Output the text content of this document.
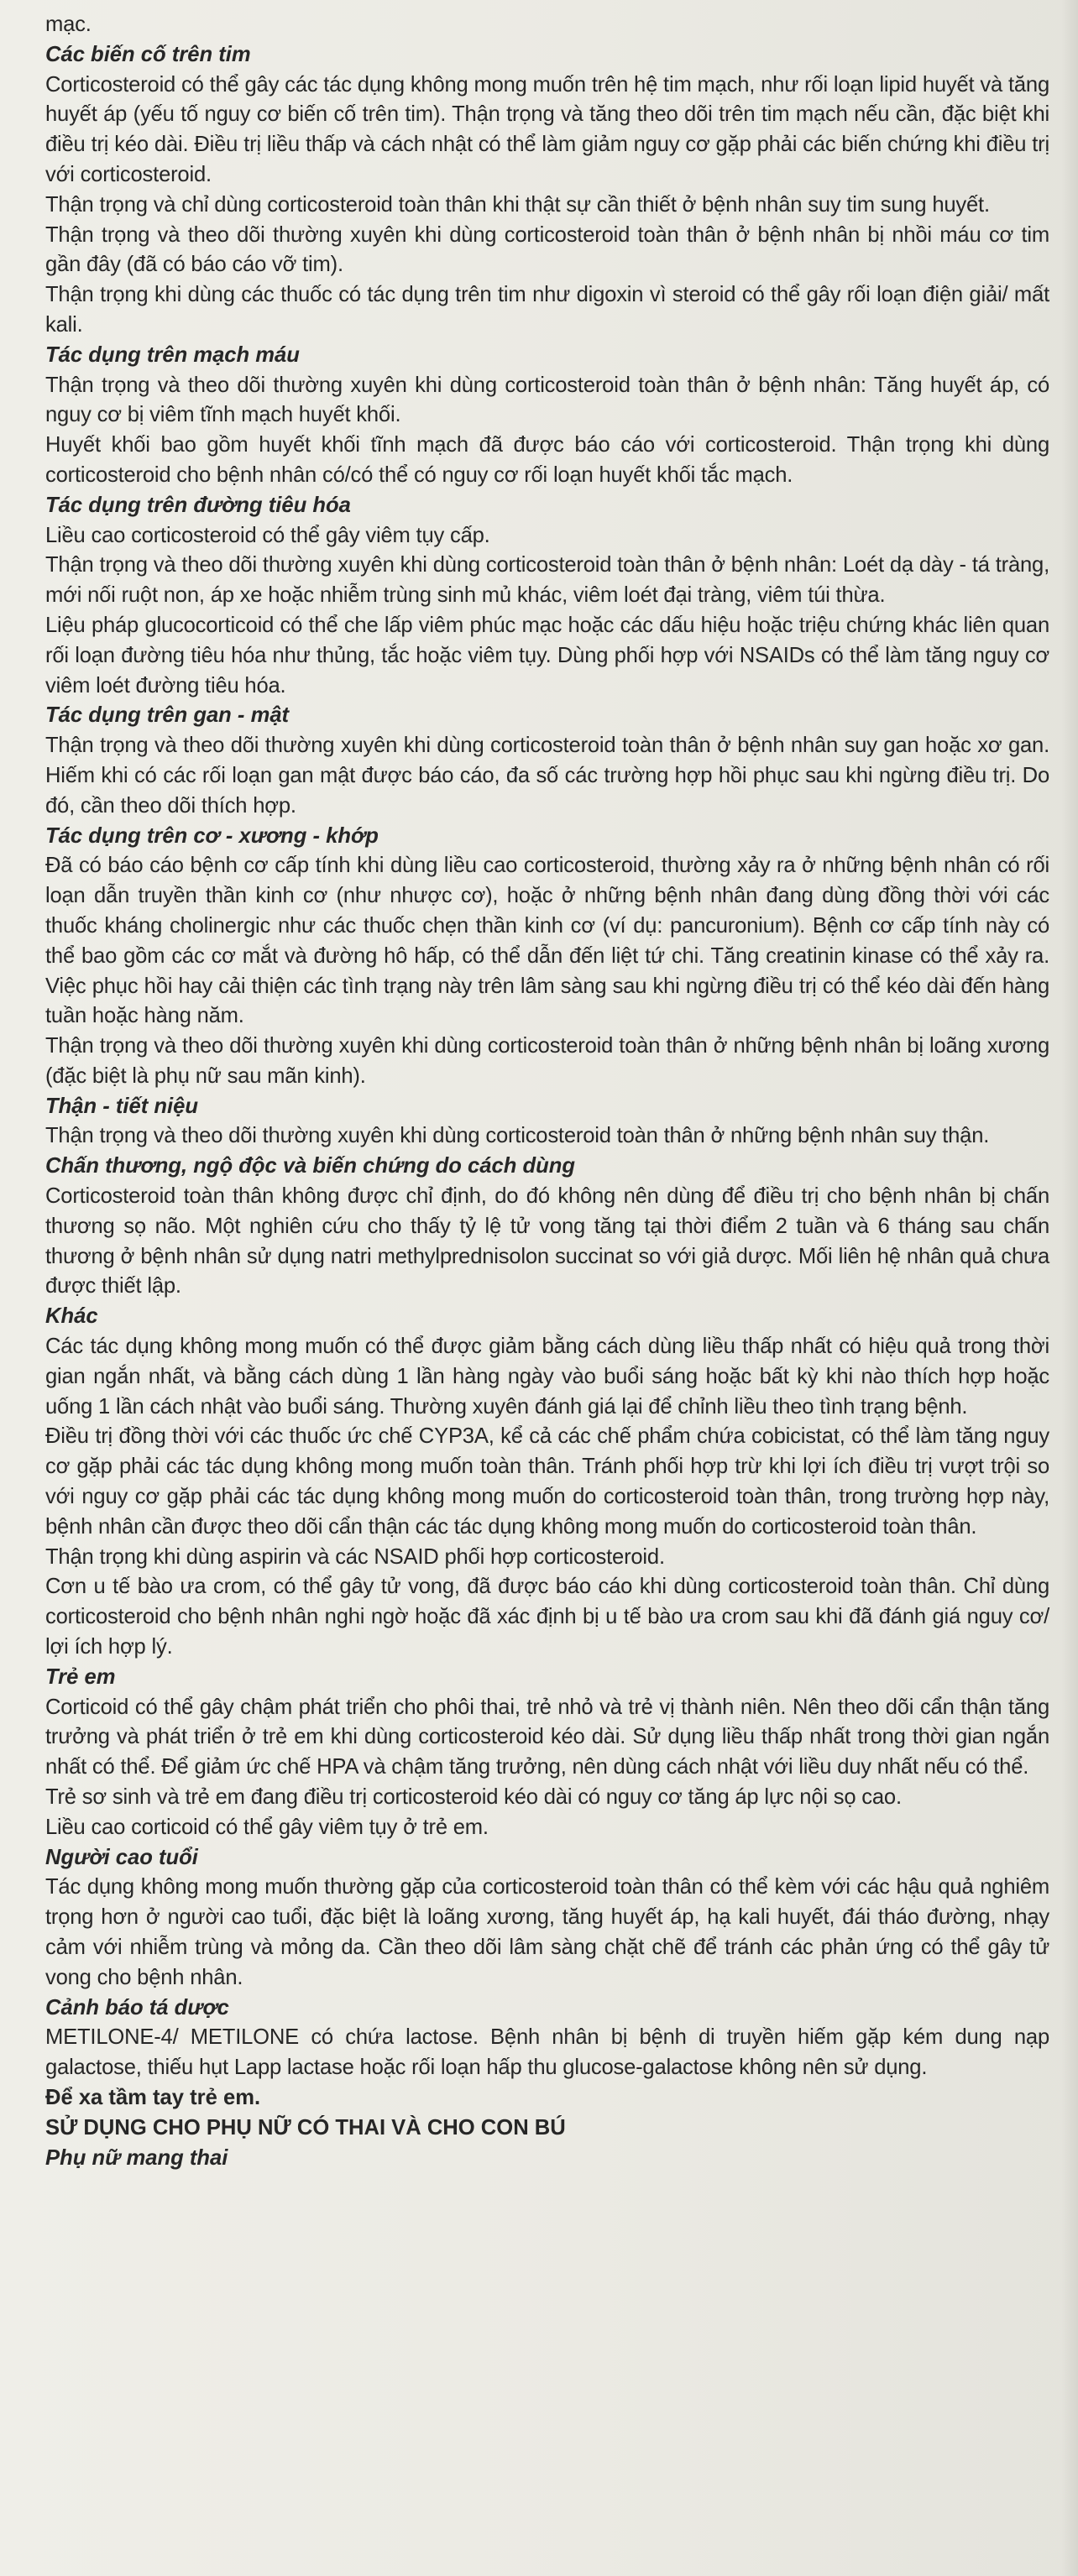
mạc.

Các biến cố trên tim

Corticosteroid có thể gây các tác dụng không mong muốn trên hệ tim mạch, như rối loạn lipid huyết và tăng huyết áp (yếu tố nguy cơ biến cố trên tim). Thận trọng và tăng theo dõi trên tim mạch nếu cần, đặc biệt khi điều trị kéo dài. Điều trị liều thấp và cách nhật có thể làm giảm nguy cơ gặp phải các biến chứng khi điều trị với corticosteroid.

Thận trọng và chỉ dùng corticosteroid toàn thân khi thật sự cần thiết ở bệnh nhân suy tim sung huyết.

Thận trọng và theo dõi thường xuyên khi dùng corticosteroid toàn thân ở bệnh nhân bị nhồi máu cơ tim gần đây (đã có báo cáo vỡ tim).

Thận trọng khi dùng các thuốc có tác dụng trên tim như digoxin vì steroid có thể gây rối loạn điện giải/ mất kali.

Tác dụng trên mạch máu

Thận trọng và theo dõi thường xuyên khi dùng corticosteroid toàn thân ở bệnh nhân: Tăng huyết áp, có nguy cơ bị viêm tĩnh mạch huyết khối.

Huyết khối bao gồm huyết khối tĩnh mạch đã được báo cáo với corticosteroid. Thận trọng khi dùng corticosteroid cho bệnh nhân có/có thể có nguy cơ rối loạn huyết khối tắc mạch.

Tác dụng trên đường tiêu hóa

Liều cao corticosteroid có thể gây viêm tụy cấp.

Thận trọng và theo dõi thường xuyên khi dùng corticosteroid toàn thân ở bệnh nhân: Loét dạ dày - tá tràng, mới nối ruột non, áp xe hoặc nhiễm trùng sinh mủ khác, viêm loét đại tràng, viêm túi thừa.

Liệu pháp glucocorticoid có thể che lấp viêm phúc mạc hoặc các dấu hiệu hoặc triệu chứng khác liên quan rối loạn đường tiêu hóa như thủng, tắc hoặc viêm tụy. Dùng phối hợp với NSAIDs có thể làm tăng nguy cơ viêm loét đường tiêu hóa.

Tác dụng trên gan - mật

Thận trọng và theo dõi thường xuyên khi dùng corticosteroid toàn thân ở bệnh nhân suy gan hoặc xơ gan. Hiếm khi có các rối loạn gan mật được báo cáo, đa số các trường hợp hồi phục sau khi ngừng điều trị. Do đó, cần theo dõi thích hợp.

Tác dụng trên cơ - xương - khớp

Đã có báo cáo bệnh cơ cấp tính khi dùng liều cao corticosteroid, thường xảy ra ở những bệnh nhân có rối loạn dẫn truyền thần kinh cơ (như nhược cơ), hoặc ở những bệnh nhân đang dùng đồng thời với các thuốc kháng cholinergic như các thuốc chẹn thần kinh cơ (ví dụ: pancuronium). Bệnh cơ cấp tính này có thể bao gồm các cơ mắt và đường hô hấp, có thể dẫn đến liệt tứ chi. Tăng creatinin kinase có thể xảy ra. Việc phục hồi hay cải thiện các tình trạng này trên lâm sàng sau khi ngừng điều trị có thể kéo dài đến hàng tuần hoặc hàng năm.

Thận trọng và theo dõi thường xuyên khi dùng corticosteroid toàn thân ở những bệnh nhân bị loãng xương (đặc biệt là phụ nữ sau mãn kinh).

Thận - tiết niệu

Thận trọng và theo dõi thường xuyên khi dùng corticosteroid toàn thân ở những bệnh nhân suy thận.

Chấn thương, ngộ độc và biến chứng do cách dùng

Corticosteroid toàn thân không được chỉ định, do đó không nên dùng để điều trị cho bệnh nhân bị chấn thương sọ não. Một nghiên cứu cho thấy tỷ lệ tử vong tăng tại thời điểm 2 tuần và 6 tháng sau chấn thương ở bệnh nhân sử dụng natri methylprednisolon succinat so với giả dược. Mối liên hệ nhân quả chưa được thiết lập.

Khác

Các tác dụng không mong muốn có thể được giảm bằng cách dùng liều thấp nhất có hiệu quả trong thời gian ngắn nhất, và bằng cách dùng 1 lần hàng ngày vào buổi sáng hoặc bất kỳ khi nào thích hợp hoặc uống 1 lần cách nhật vào buổi sáng. Thường xuyên đánh giá lại để chỉnh liều theo tình trạng bệnh.

Điều trị đồng thời với các thuốc ức chế CYP3A, kể cả các chế phẩm chứa cobicistat, có thể làm tăng nguy cơ gặp phải các tác dụng không mong muốn toàn thân. Tránh phối hợp trừ khi lợi ích điều trị vượt trội so với nguy cơ gặp phải các tác dụng không mong muốn do corticosteroid toàn thân, trong trường hợp này, bệnh nhân cần được theo dõi cẩn thận các tác dụng không mong muốn do corticosteroid toàn thân.

Thận trọng khi dùng aspirin và các NSAID phối hợp corticosteroid.

Cơn u tế bào ưa crom, có thể gây tử vong, đã được báo cáo khi dùng corticosteroid toàn thân. Chỉ dùng corticosteroid cho bệnh nhân nghi ngờ hoặc đã xác định bị u tế bào ưa crom sau khi đã đánh giá nguy cơ/ lợi ích hợp lý.

Trẻ em

Corticoid có thể gây chậm phát triển cho phôi thai, trẻ nhỏ và trẻ vị thành niên. Nên theo dõi cẩn thận tăng trưởng và phát triển ở trẻ em khi dùng corticosteroid kéo dài. Sử dụng liều thấp nhất trong thời gian ngắn nhất có thể. Để giảm ức chế HPA và chậm tăng trưởng, nên dùng cách nhật với liều duy nhất nếu có thể.

Trẻ sơ sinh và trẻ em đang điều trị corticosteroid kéo dài có nguy cơ tăng áp lực nội sọ cao.

Liều cao corticoid có thể gây viêm tụy ở trẻ em.

Người cao tuổi

Tác dụng không mong muốn thường gặp của corticosteroid toàn thân có thể kèm với các hậu quả nghiêm trọng hơn ở người cao tuổi, đặc biệt là loãng xương, tăng huyết áp, hạ kali huyết, đái tháo đường, nhạy cảm với nhiễm trùng và mỏng da. Cần theo dõi lâm sàng chặt chẽ để tránh các phản ứng có thể gây tử vong cho bệnh nhân.

Cảnh báo tá dược

METILONE-4/ METILONE có chứa lactose. Bệnh nhân bị bệnh di truyền hiếm gặp kém dung nạp galactose, thiếu hụt Lapp lactase hoặc rối loạn hấp thu glucose-galactose không nên sử dụng.

Để xa tầm tay trẻ em.

SỬ DỤNG CHO PHỤ NỮ CÓ THAI VÀ CHO CON BÚ

Phụ nữ mang thai
